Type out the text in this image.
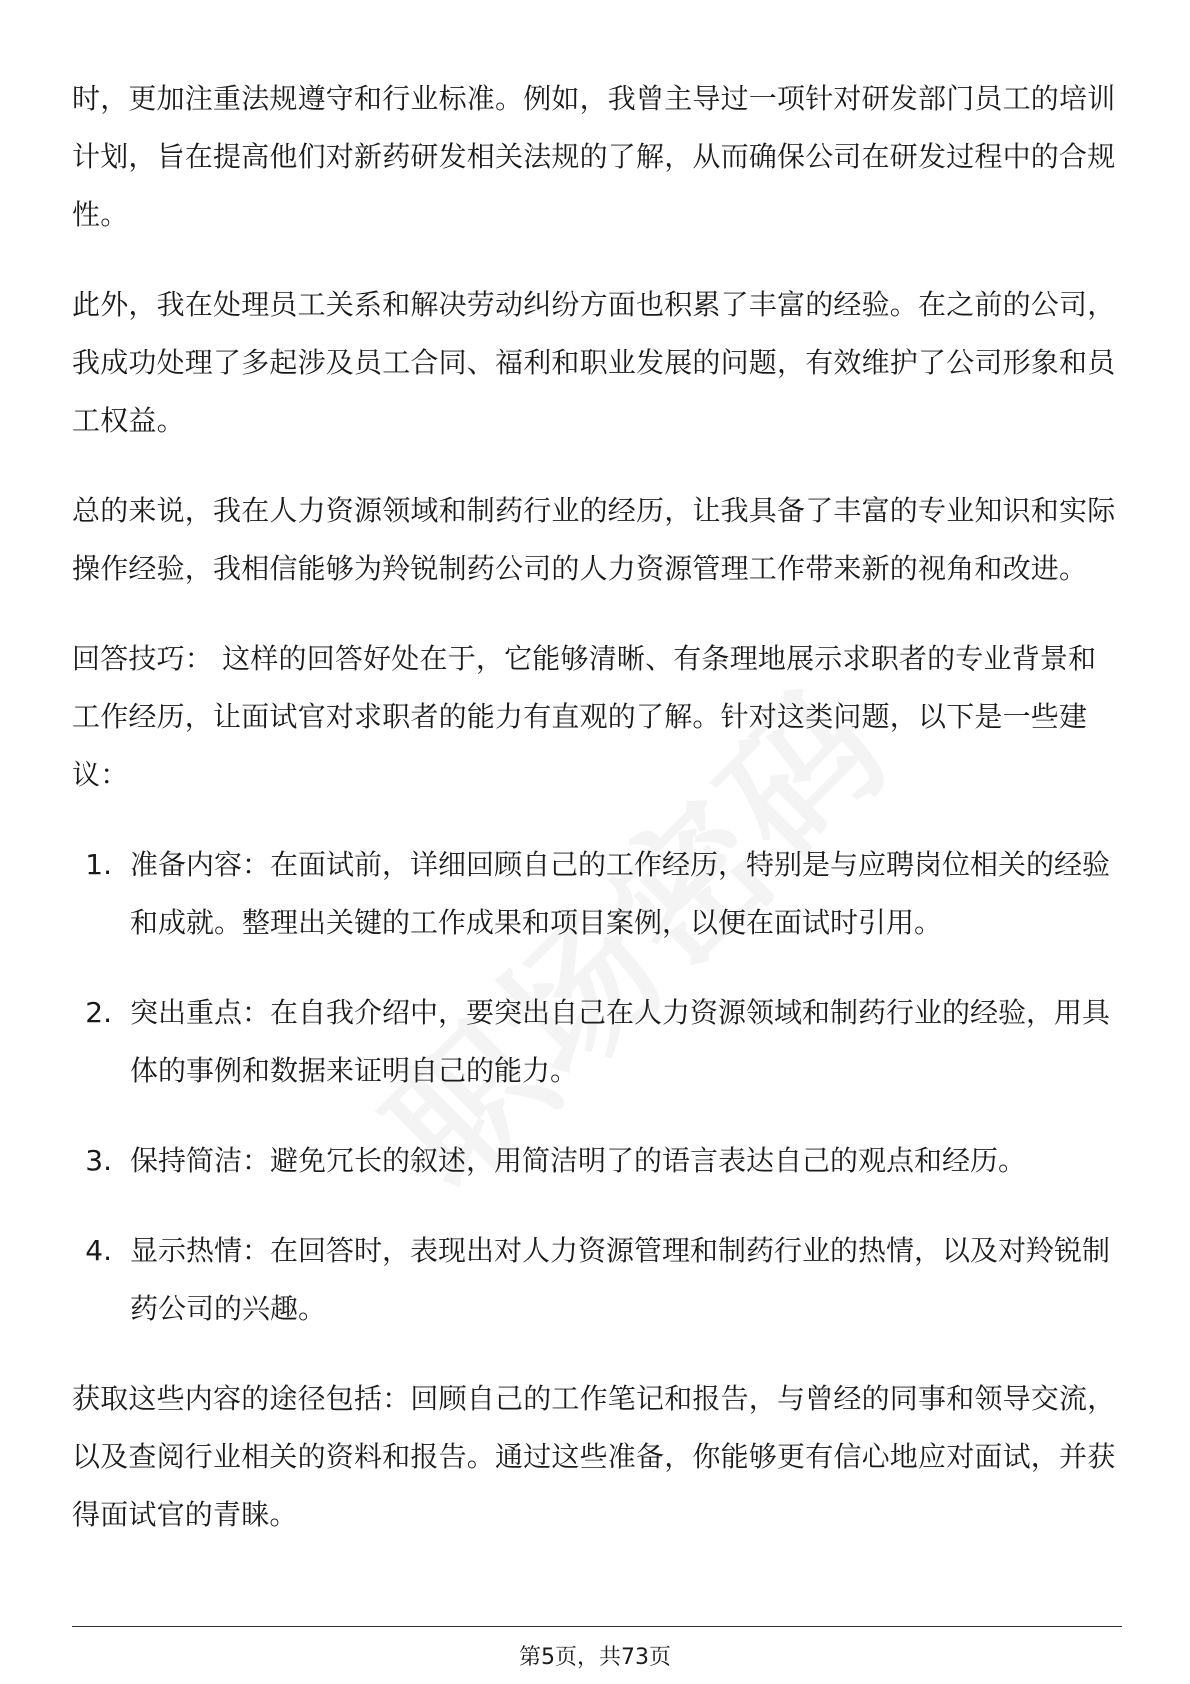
时，更加注重法规遵守和行业标准。例如，我曾主导过一项针对研发部门员工的培训计划，旨在提高他们对新药研发相关法规的了解，从而确保公司在研发过程中的合规性。

此外，我在处理员工关系和解决劳动纠纷方面也积累了丰富的经验。在之前的公司，我成功处理了多起涉及员工合同、福利和职业发展的问题，有效维护了公司形象和员工权益。

总的来说，我在人力资源领域和制药行业的经历，让我具备了丰富的专业知识和实际操作经验，我相信能够为羚锐制药公司的人力资源管理工作带来新的视角和改进。

回答技巧： 这样的回答好处在于，它能够清晰、有条理地展示求职者的专业背景和工作经历，让面试官对求职者的能力有直观的了解。针对这类问题，以下是一些建议：

1. 准备内容：在面试前，详细回顾自己的工作经历，特别是与应聘岗位相关的经验和成就。整理出关键的工作成果和项目案例，以便在面试时引用。
2. 突出重点：在自我介绍中，要突出自己在人力资源领域和制药行业的经验，用具体的事例和数据来证明自己的能力。
3. 保持简洁：避免冗长的叙述，用简洁明了的语言表达自己的观点和经历。
4. 显示热情：在回答时，表现出对人力资源管理和制药行业的热情，以及对羚锐制药公司的兴趣。

获取这些内容的途径包括：回顾自己的工作笔记和报告，与曾经的同事和领导交流，以及查阅行业相关的资料和报告。通过这些准备，你能够更有信心地应对面试，并获得面试官的青睐。

第5页，共73页
